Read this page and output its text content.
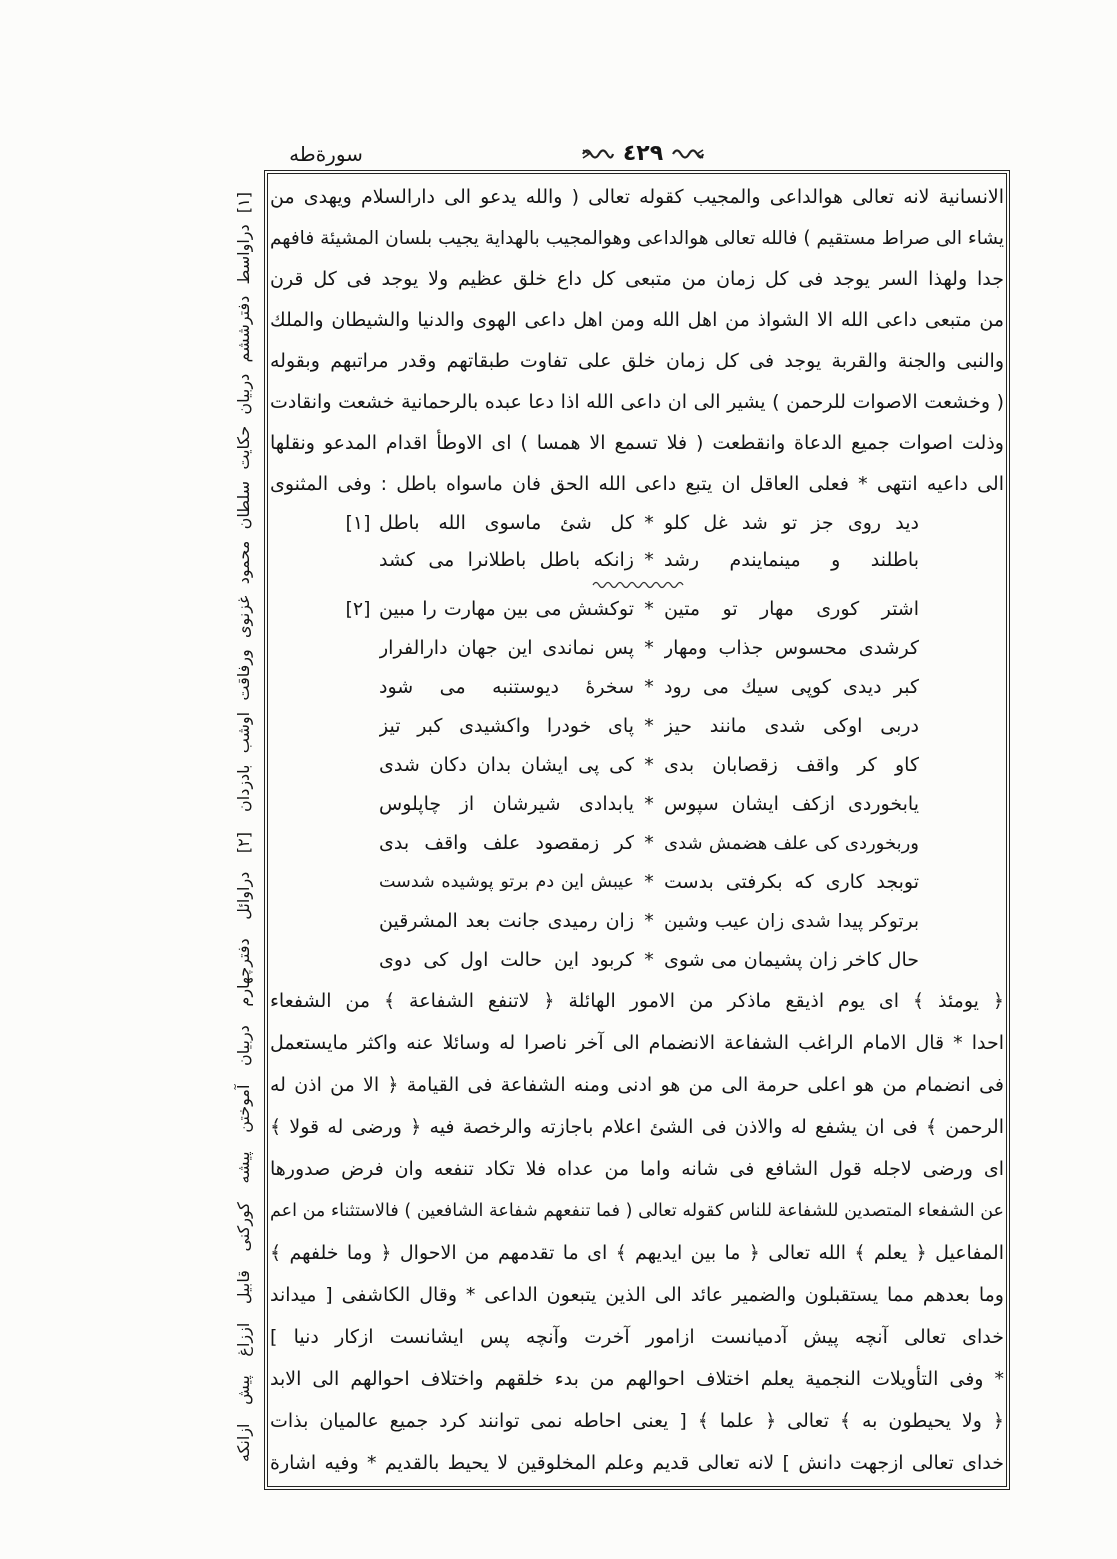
سورةطه	٤٢٩
[١] دراواسط دفترششم دربيان حكايت سلطان محمود غزنوى ورفاقت اوشب بادزدان
[٢] دراوائل دفترچهارم دربيان آموختن پيشه كوركنى قابيل اززاغ پيش ازانكه
الانسانية لانه تعالى هوالداعى والمجيب كقوله تعالى ( والله يدعو الى دارالسلام ويهدى من
يشاء الى صراط مستقيم ) فالله تعالى هوالداعى وهوالمجيب بالهداية يجيب بلسان المشيئة فافهم
جدا ولهذا السر يوجد فى كل زمان من متبعى كل داع خلق عظيم ولا يوجد فى كل قرن
من متبعى داعى الله الا الشواذ من اهل الله ومن اهل داعى الهوى والدنيا والشيطان والملك
والنبى والجنة والقربة يوجد فى كل زمان خلق على تفاوت طبقاتهم وقدر مراتبهم وبقوله
( وخشعت الاصوات للرحمن ) يشير الى ان داعى الله اذا دعا عبده بالرحمانية خشعت وانقادت
وذلت اصوات جميع الدعاة وانقطعت ( فلا تسمع الا همسا ) اى الاوطأ اقدام المدعو ونقلها
الى داعيه انتهى * فعلى العاقل ان يتبع داعى الله الحق فان ماسواه باطل : وفى المثنوى
ديد روى جز تو شد غل كلو
*
كل شئ ماسوى الله باطل
[١]
باطلند و مينمايندم رشد
*
زانكه باطل باطلانرا مى كشد
اشتر كورى مهار تو متين
*
توكشش مى بين مهارت را مبين
[٢]
كرشدى محسوس جذاب ومهار
*
پس نماندى اين جهان دارالفرار
كبر ديدى كوپى سيك مى رود
*
سخرهٔ ديوستنبه مى شود
دربى اوكى شدى مانند حيز
*
پاى خودرا واكشيدى كبر تيز
كاو كر واقف زقصابان بدى
*
كى پى ايشان بدان دكان شدى
يابخوردى ازكف ايشان سپوس
*
يابدادى شيرشان از چاپلوس
وربخوردى كى علف هضمش شدى
*
كر زمقصود علف واقف بدى
توبجد كارى كه بكرفتى بدست
*
عيبش اين دم برتو پوشيده شدست
برتوكر پيدا شدى زان عيب وشين
*
زان رميدى جانت بعد المشرقين
حال كاخر زان پشيمان مى شوى
*
كربود اين حالت اول كى دوى
﴿ يومئذ ﴾ اى يوم اذيقع ماذكر من الامور الهائلة ﴿ لاتنفع الشفاعة ﴾ من الشفعاء
احدا * قال الامام الراغب الشفاعة الانضمام الى آخر ناصرا له وسائلا عنه واكثر مايستعمل
فى انضمام من هو اعلى حرمة الى من هو ادنى ومنه الشفاعة فى القيامة ﴿ الا من اذن له
الرحمن ﴾ فى ان يشفع له والاذن فى الشئ اعلام باجازته والرخصة فيه ﴿ ورضى له قولا ﴾
اى ورضى لاجله قول الشافع فى شانه واما من عداه فلا تكاد تنفعه وان فرض صدورها
عن الشفعاء المتصدين للشفاعة للناس كقوله تعالى ( فما تنفعهم شفاعة الشافعين ) فالاستثناء من اعم
المفاعيل ﴿ يعلم ﴾ الله تعالى ﴿ ما بين ايديهم ﴾ اى ما تقدمهم من الاحوال ﴿ وما خلفهم ﴾
وما بعدهم مما يستقبلون والضمير عائد الى الذين يتبعون الداعى * وقال الكاشفى [ ميداند
خداى تعالى آنچه پيش آدميانست ازامور آخرت وآنچه پس ايشانست ازكار دنيا ]
* وفى التأويلات النجمية يعلم اختلاف احوالهم من بدء خلقهم واختلاف احوالهم الى الابد
﴿ ولا يحيطون به ﴾ تعالى ﴿ علما ﴾ [ يعنى احاطه نمى توانند كرد جميع عالميان بذات
خداى تعالى ازجهت دانش ] لانه تعالى قديم وعلم المخلوقين لا يحيط بالقديم * وفيه اشارة
